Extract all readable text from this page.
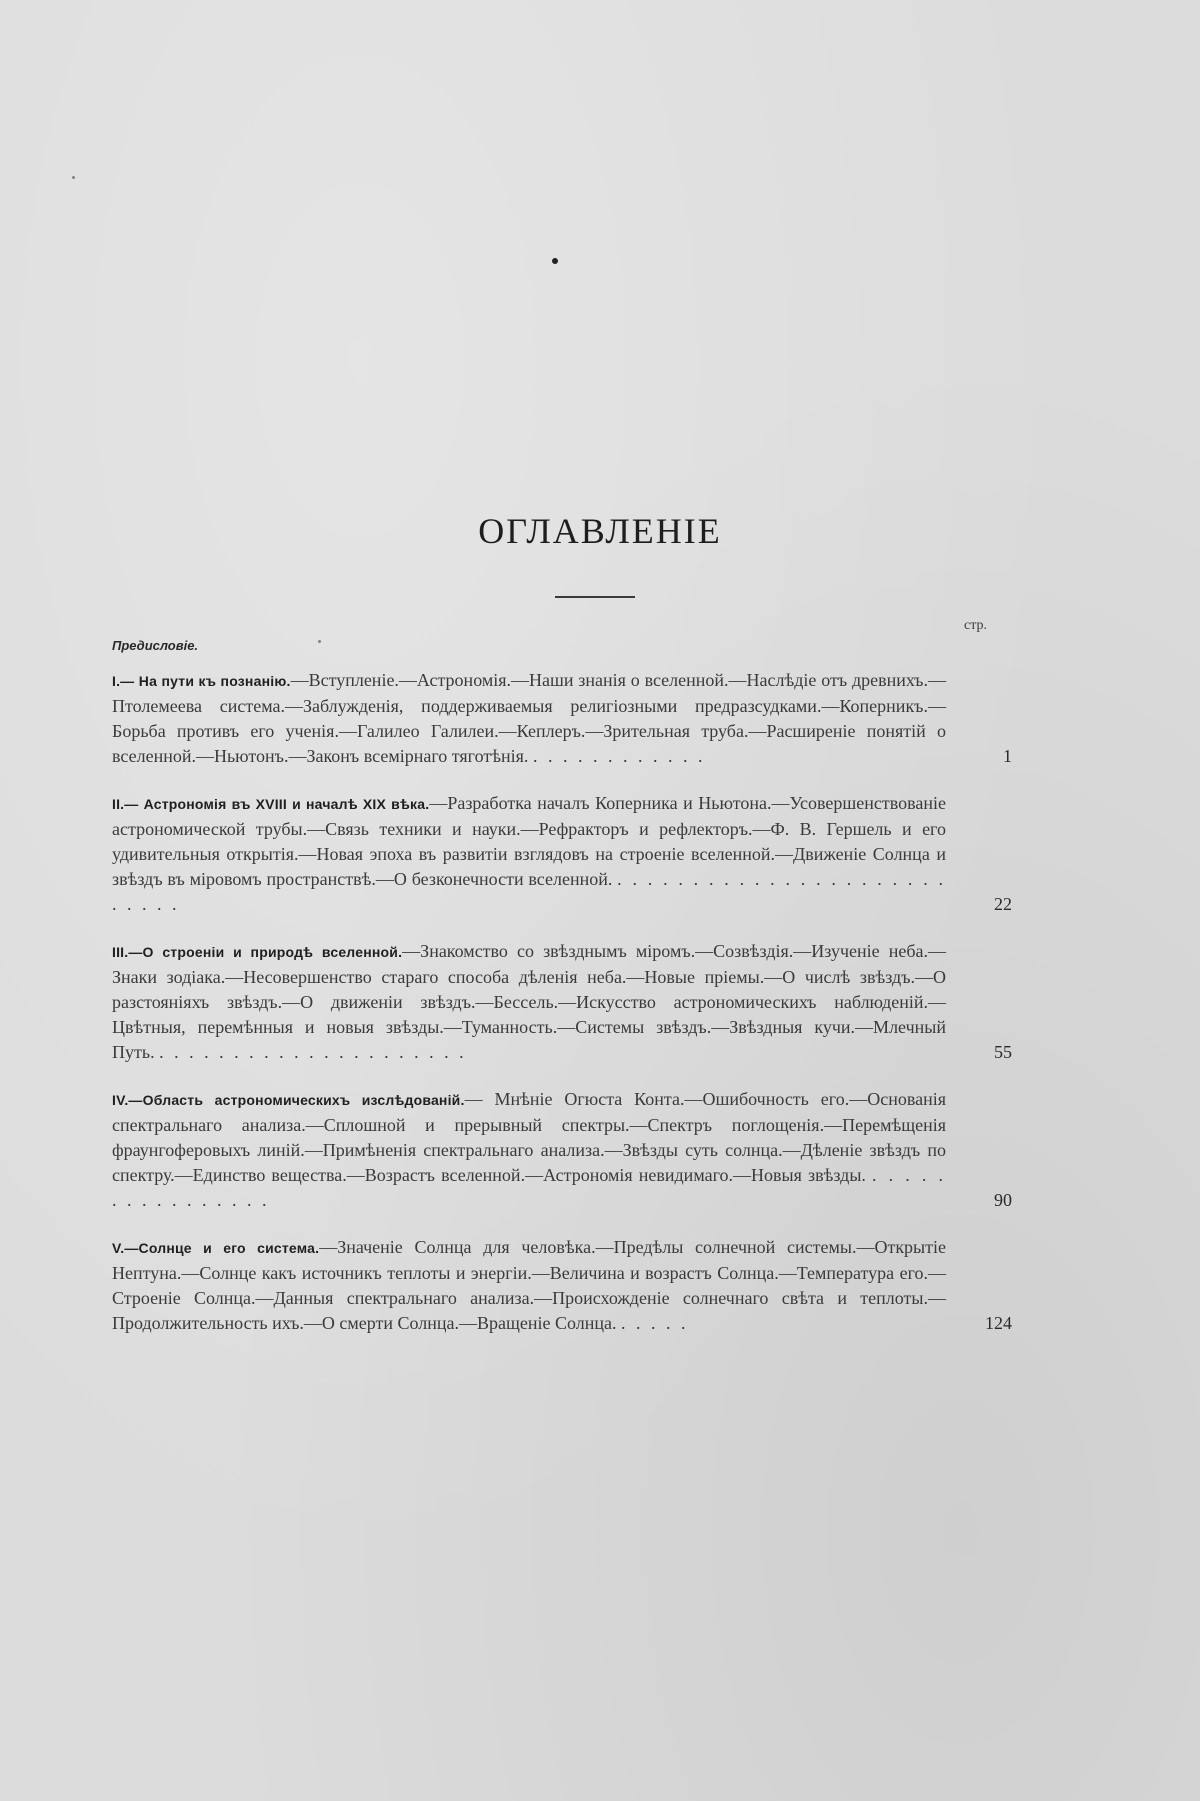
ОГЛАВЛЕНІЕ
стр.
Предисловіе.
I.— На пути къ познанію.—Вступленіе.—Астрономія.—Наши знанія о вселенной.—Наслѣдіе отъ древнихъ.—Птолемеева система.—Заблужденія, поддерживаемыя религіозными предразсудками.—Коперникъ.—Борьба противъ его ученія.—Галилео Галилеи.—Кеплеръ.—Зрительная труба.—Расширеніе понятій о вселенной.—Ньютонъ.—Законъ всемірнаго тяготѣнія. . . . . . . . . . . . .	1
II.— Астрономія въ XVIII и началѣ XIX вѣка.—Разработка началъ Коперника и Ньютона.—Усовершенствованіе астрономической трубы.—Связь техники и науки.—Рефракторъ и рефлекторъ.—Ф. В. Гершель и его удивительныя открытія.—Новая эпоха въ развитіи взглядовъ на строеніе вселенной.—Движеніе Солнца и звѣздъ въ міровомъ пространствѣ.—О безконечности вселенной. . . . . . . . . . . . . . . . . . . . . . . . . . . .	22
III.—О строеніи и природѣ вселенной.—Знакомство со звѣзднымъ міромъ.—Созвѣздія.—Изученіе неба.—Знаки зодіака.—Несовершенство стараго способа дѣленія неба.—Новые пріемы.—О числѣ звѣздъ.—О разстояніяхъ звѣздъ.—О движеніи звѣздъ.—Бессель.—Искусство астрономическихъ наблюденій.—Цвѣтныя, перемѣнныя и новыя звѣзды.—Туманность.—Системы звѣздъ.—Звѣздныя кучи.—Млечный Путь. . . . . . . . . . . . . . . . . . . . . .	55
IV.—Область астрономическихъ изслѣдованій.— Мнѣніе Огюста Конта.—Ошибочность его.—Основанія спектральнаго анализа.—Сплошной и прерывный спектры.—Спектръ поглощенія.—Перемѣщенія фраунгоферовыхъ линій.—Примѣненія спектральнаго анализа.—Звѣзды суть солнца.—Дѣленіе звѣздъ по спектру.—Единство вещества.—Возрастъ вселенной.—Астрономія невидимаго.—Новыя звѣзды. . . . . . . . . . . . . . . . .	90
V.—Солнце и его система.—Значеніе Солнца для человѣка.—Предѣлы солнечной системы.—Открытіе Нептуна.—Солнце какъ источникъ теплоты и энергіи.—Величина и возрастъ Солнца.—Температура его.—Строеніе Солнца.—Данныя спектральнаго анализа.—Происхожденіе солнечнаго свѣта и теплоты.—Продолжительность ихъ.—О смерти Солнца.—Вращеніе Солнца. . . . . .	124
